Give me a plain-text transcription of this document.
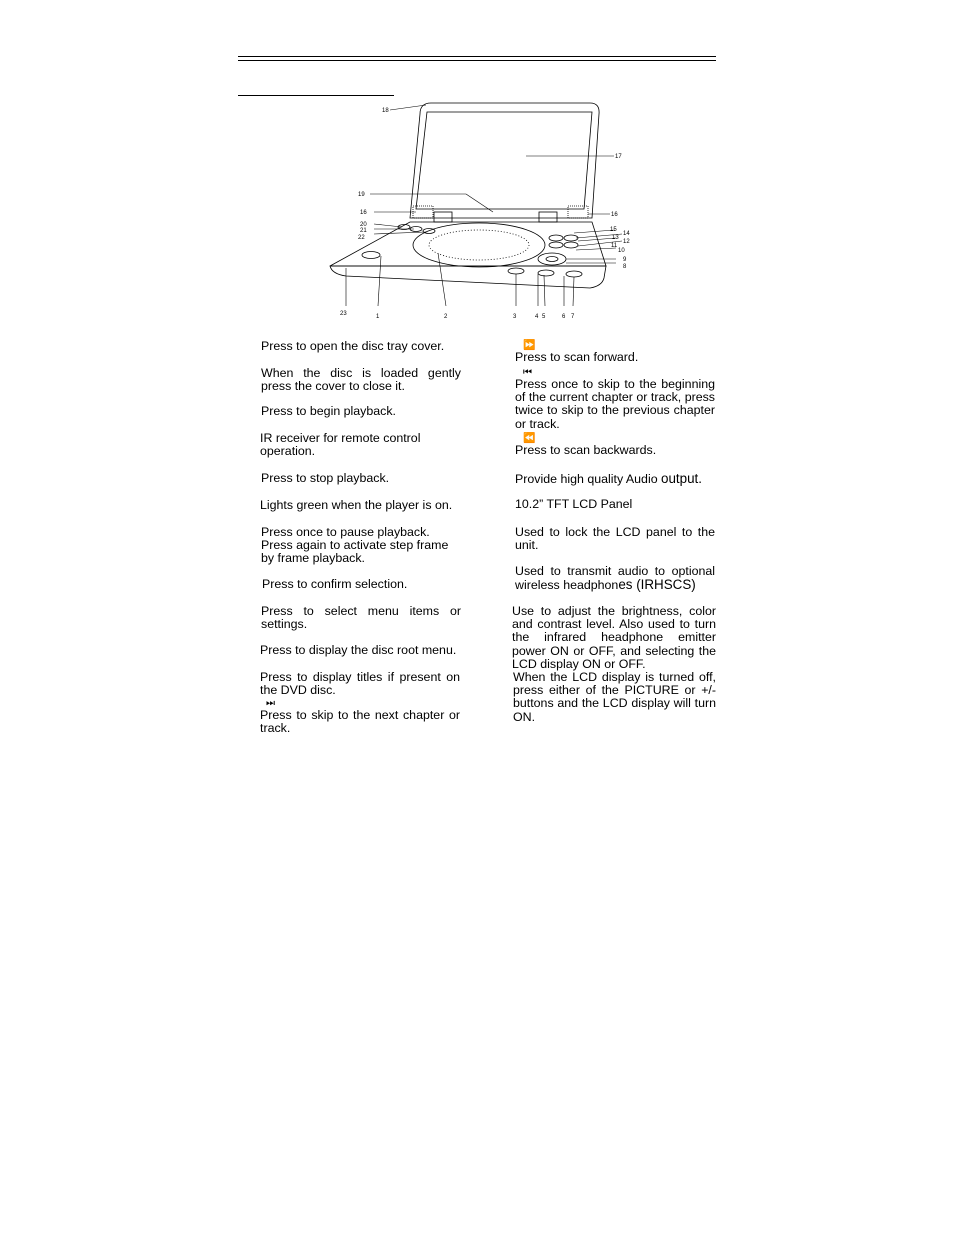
18
17
19
16	16
20
21
22
15
14
13
12
11
10
9
8
23	1	2	3	4 5	6 7

Press to open the disc tray cover.

When the disc is loaded gently press the cover to close it.

Press to begin playback.

IR receiver for remote control operation.

Press to stop playback.

Lights green when the player is on.

Press once to pause playback. Press again to activate step frame by frame playback.

Press to confirm selection.

Press to select menu items or settings.

Press to display the disc root menu.

Press to display titles if present on the DVD disc.

⏭
Press to skip to the next chapter or track.
⏩
Press to scan forward.
⏮
Press once to skip to the beginning of the current chapter or track, press twice to skip to the previous chapter or track.
⏪
Press to scan backwards.

Provide high quality Audio output.

10.2” TFT LCD Panel

Used to lock the LCD panel to the unit.

Used to transmit audio to optional wireless headphones (IRHSCS)

Use to adjust the brightness, color and contrast level. Also used to turn the infrared headphone emitter power ON or OFF, and selecting the LCD display ON or OFF.

When the LCD display is turned off, press either of the PICTURE or +/- buttons and the LCD display will turn ON.
